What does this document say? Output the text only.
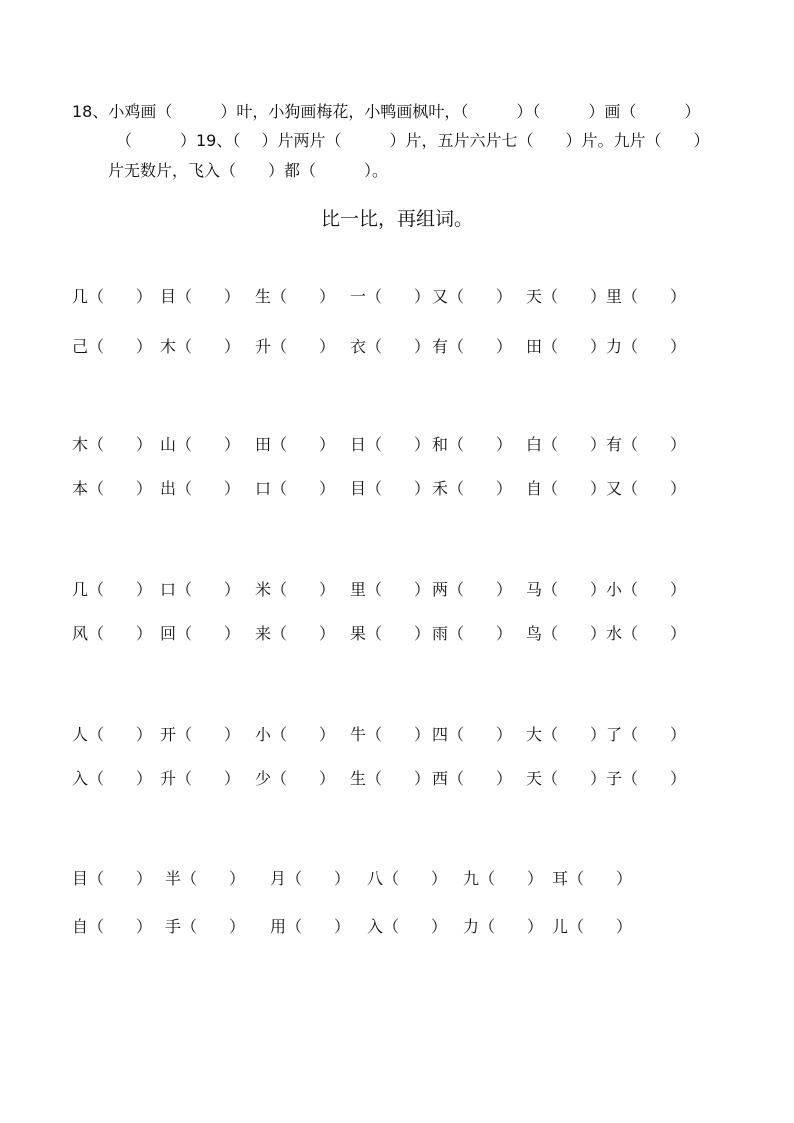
18、小鸡画（　　　）叶，小狗画梅花，小鸭画枫叶，（　　　）（　　　）画（　　　）
（　　　）19、（　 ）片两片（　　　）片，五片六片七（　　）片。九片（　　）
片无数片，飞入（　　）都（　　　）。
比一比，再组词。
几（　　） 目（　　） 生（　　） 一（　　） 又（　　） 天（　　） 里（　　）
己（　　） 木（　　） 升（　　） 衣（　　） 有（　　） 田（　　） 力（　　）
木（　　） 山（　　） 田（　　） 日（　　） 和（　　） 白（　　） 有（　　）
本（　　） 出（　　） 口（　　） 目（　　） 禾（　　） 自（　　） 又（　　）
几（　　） 口（　　） 米（　　） 里（　　） 两（　　） 马（　　） 小（　　）
风（　　） 回（　　） 来（　　） 果（　　） 雨（　　） 鸟（　　） 水（　　）
人（　　） 开（　　） 小（　　） 牛（　　） 四（　　） 大（　　） 了（　　）
入（　　） 升（　　） 少（　　） 生（　　） 西（　　） 天（　　） 子（　　）
目（　　） 半（　　） 月（　　） 八（　　） 九（　　） 耳（　　）
自（　　） 手（　　） 用（　　） 入（　　） 力（　　） 儿（　　）
